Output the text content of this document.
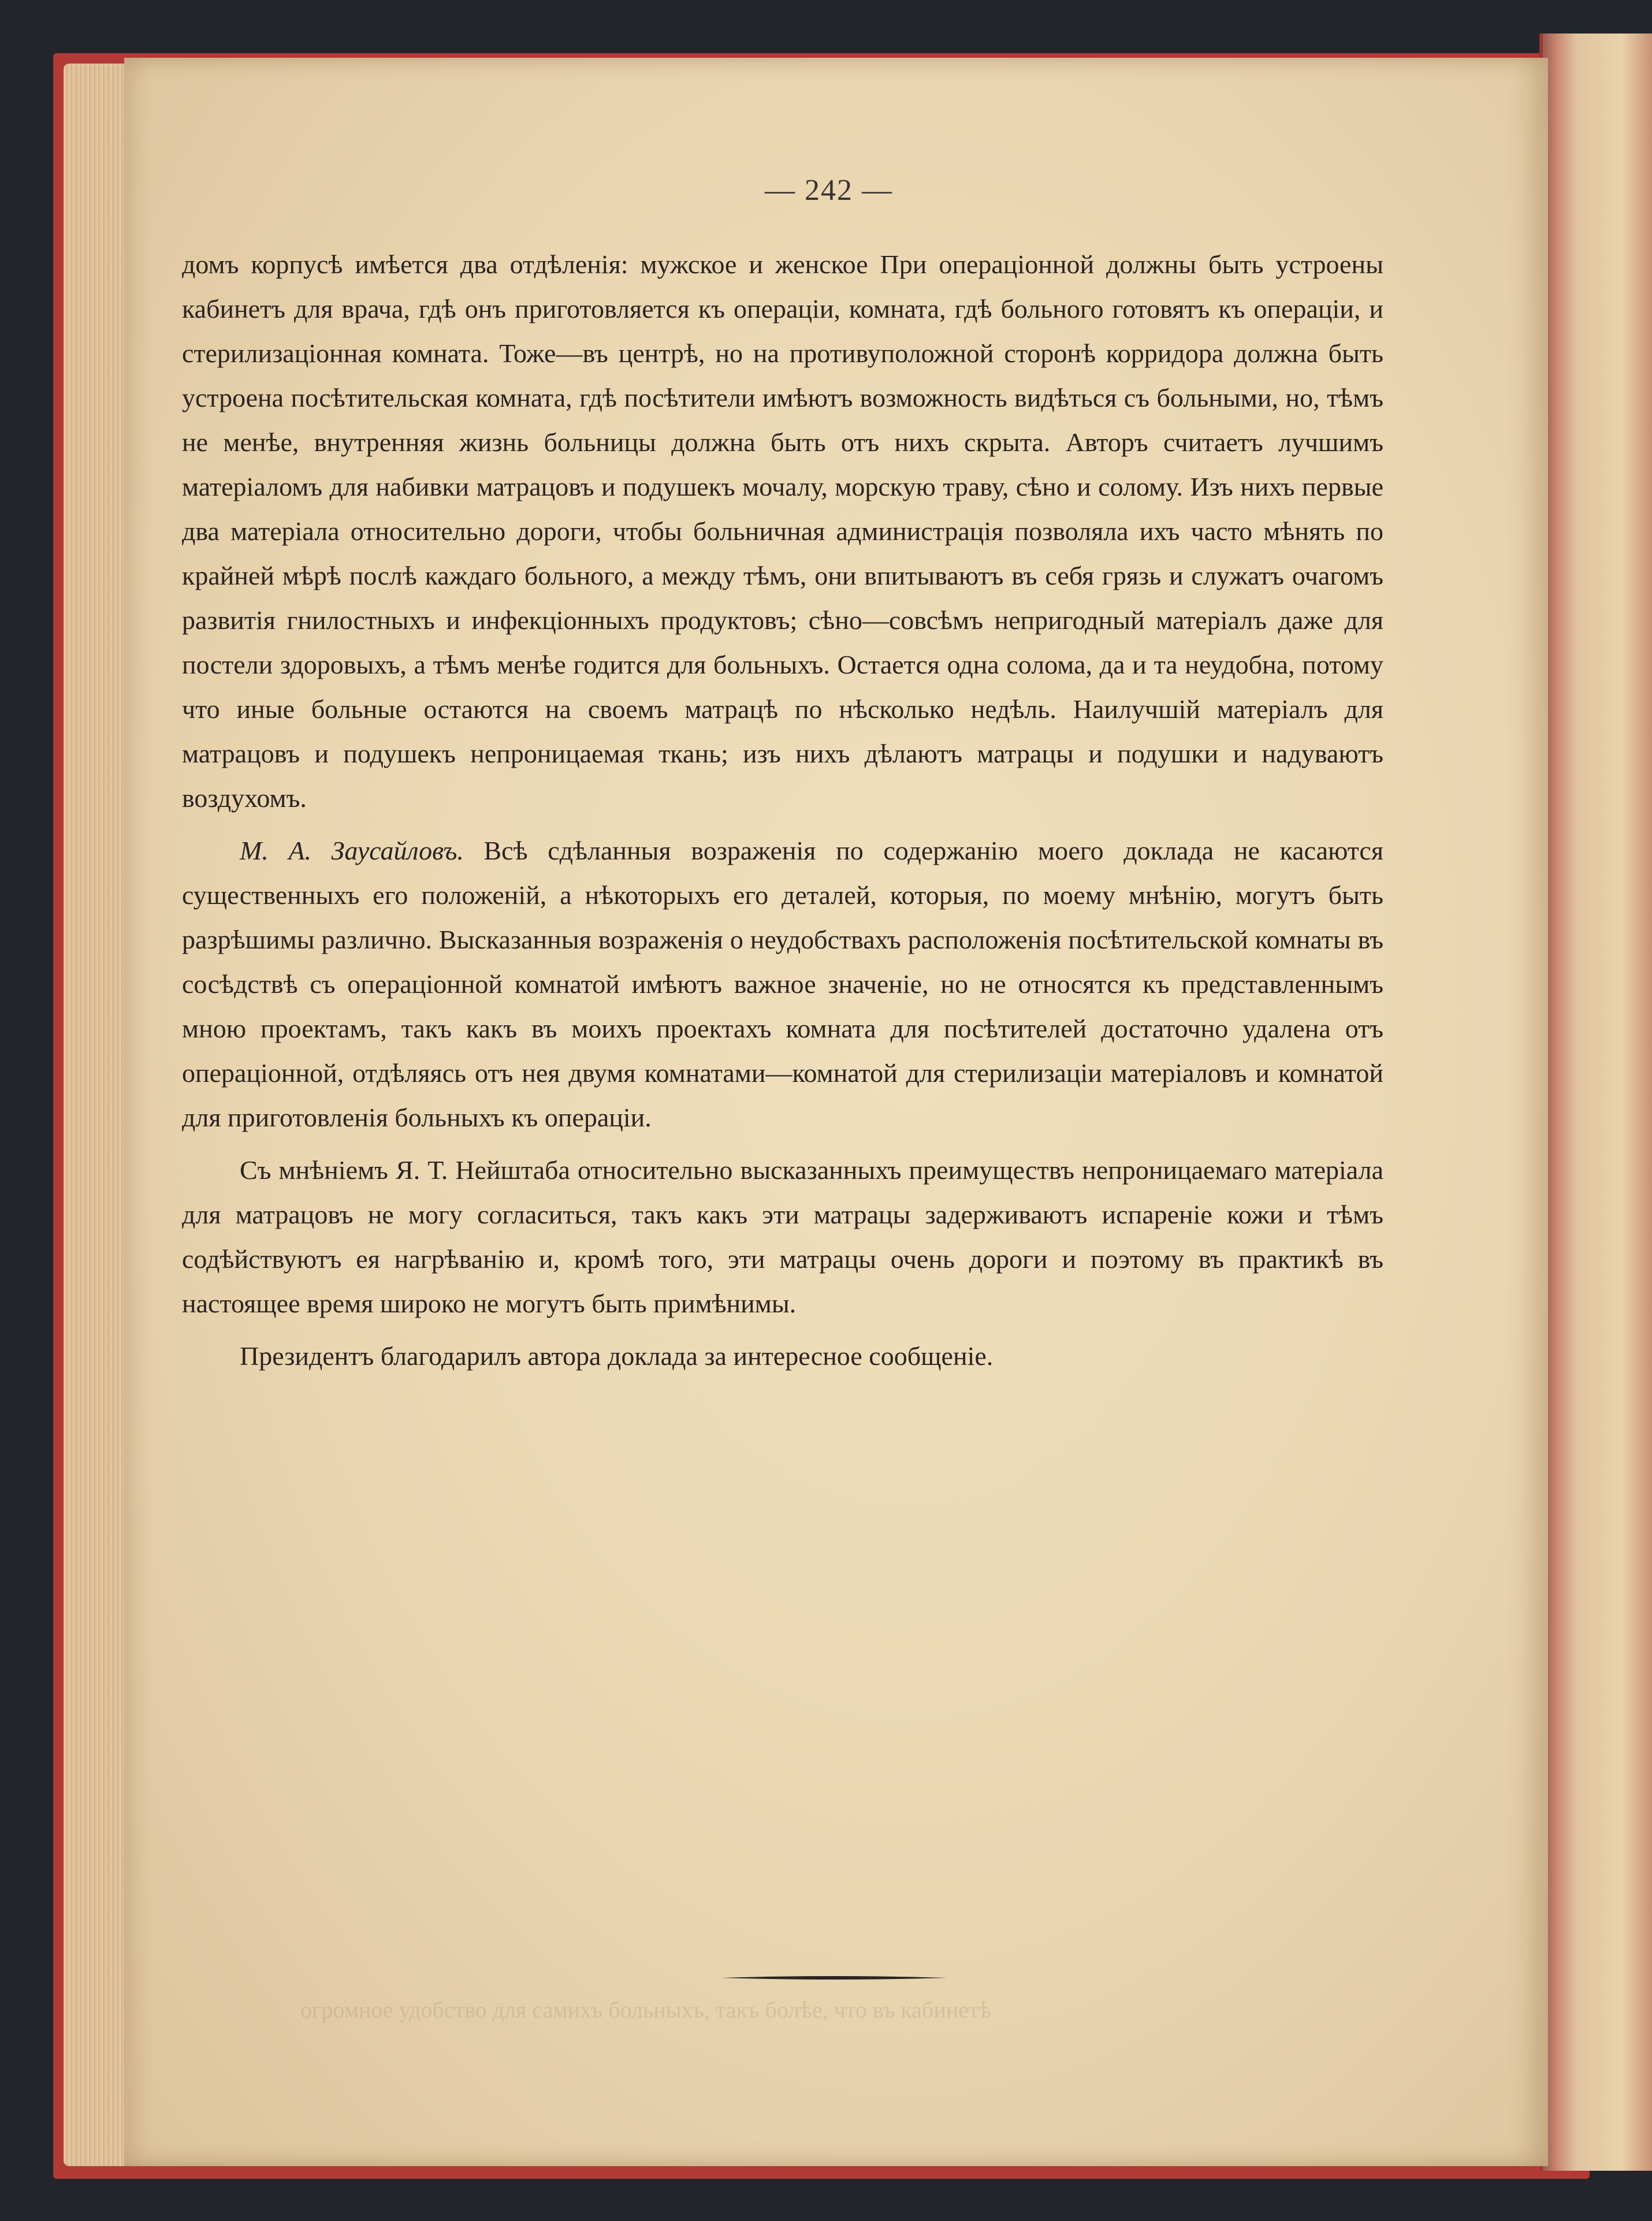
огромное удобство для самихъ больныхъ, такъ болѣе, что въ кабинетѣ
— 242 —

домъ корпусѣ имѣется два отдѣленія: мужское и женское При операціонной должны быть устроены кабинетъ для врача, гдѣ онъ приготовляется къ операціи, комната, гдѣ больного готовятъ къ операціи, и стерилизаціонная комната. Тоже—въ центрѣ, но на противуположной сторонѣ корридора должна быть устроена посѣтительская комната, гдѣ посѣтители имѣютъ возможность видѣться съ больными, но, тѣмъ не менѣе, внутренняя жизнь больницы должна быть отъ нихъ скрыта. Авторъ считаетъ лучшимъ матеріаломъ для набивки матрацовъ и подушекъ мочалу, морскую траву, сѣно и солому. Изъ нихъ первые два матеріала относительно дороги, чтобы больничная администрація позволяла ихъ часто мѣнять по крайней мѣрѣ послѣ каждаго больного, а между тѣмъ, они впитываютъ въ себя грязь и служатъ очагомъ развитія гнилостныхъ и инфекціонныхъ продуктовъ; сѣно—совсѣмъ непригодный матеріалъ даже для постели здоровыхъ, а тѣмъ менѣе годится для больныхъ. Остается одна солома, да и та неудобна, потому что иные больные остаются на своемъ матрацѣ по нѣсколько недѣль. Наилучшій матеріалъ для матрацовъ и подушекъ непроницаемая ткань; изъ нихъ дѣлаютъ матрацы и подушки и надуваютъ воздухомъ.

М. А. Заусайловъ. Всѣ сдѣланныя возраженія по содержанію моего доклада не касаются существенныхъ его положеній, а нѣкоторыхъ его деталей, которыя, по моему мнѣнію, могутъ быть разрѣшимы различно. Высказанныя возраженія о неудобствахъ расположенія посѣтительской комнаты въ сосѣдствѣ съ операціонной комнатой имѣютъ важное значеніе, но не относятся къ представленнымъ мною проектамъ, такъ какъ въ моихъ проектахъ комната для посѣтителей достаточно удалена отъ операціонной, отдѣляясь отъ нея двумя комнатами—комнатой для стерилизаціи матеріаловъ и комнатой для приготовленія больныхъ къ операціи.

Съ мнѣніемъ Я. Т. Нейштаба относительно высказанныхъ преимуществъ непроницаемаго матеріала для матрацовъ не могу согласиться, такъ какъ эти матрацы задерживаютъ испареніе кожи и тѣмъ содѣйствуютъ ея нагрѣванію и, кромѣ того, эти матрацы очень дороги и поэтому въ практикѣ въ настоящее время широко не могутъ быть примѣнимы.

Президентъ благодарилъ автора доклада за интересное сообщеніе.
